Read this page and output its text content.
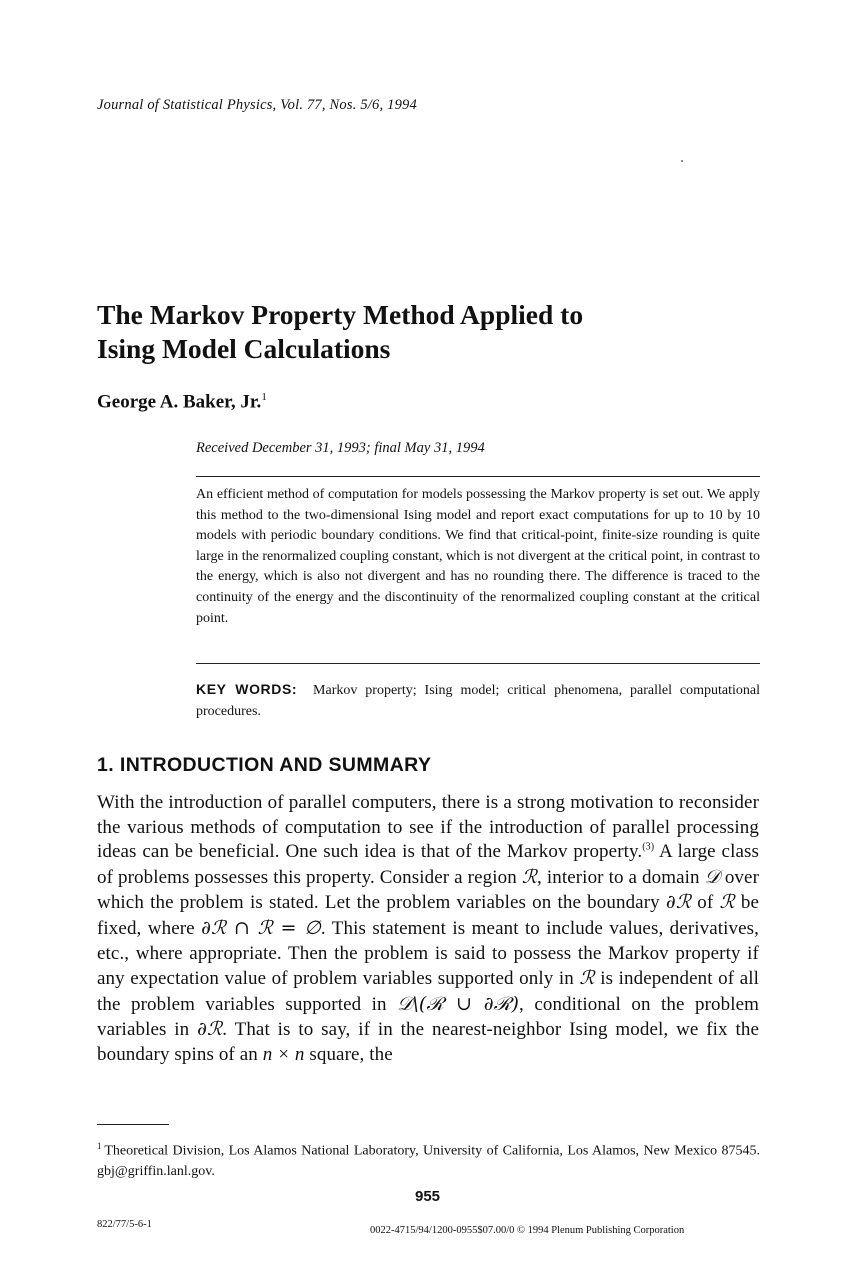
Journal of Statistical Physics, Vol. 77, Nos. 5/6, 1994
The Markov Property Method Applied to
Ising Model Calculations
George A. Baker, Jr.$^1$
Received December 31, 1993; final May 31, 1994
An efficient method of computation for models possessing the Markov property is set out. We apply this method to the two-dimensional Ising model and report exact computations for up to 10 by 10 models with periodic boundary conditions. We find that critical-point, finite-size rounding is quite large in the renormalized coupling constant, which is not divergent at the critical point, in contrast to the energy, which is also not divergent and has no rounding there. The difference is traced to the continuity of the energy and the discontinuity of the renormalized coupling constant at the critical point.
KEY WORDS: Markov property; Ising model; critical phenomena, parallel computational procedures.
1. INTRODUCTION AND SUMMARY

With the introduction of parallel computers, there is a strong motivation to reconsider the various methods of computation to see if the introduction of parallel processing ideas can be beneficial. One such idea is that of the Markov property.$^{(3)}$ A large class of problems possesses this property. Consider a region ℛ, interior to a domain 𝒟 over which the problem is stated. Let the problem variables on the boundary ∂ℛ of ℛ be fixed, where ∂ℛ ∩ ℛ = ∅. This statement is meant to include values, derivatives, etc., where appropriate. Then the problem is said to possess the Markov property if any expectation value of problem variables supported only in ℛ is independent of all the problem variables supported in 𝒟\(ℛ ∪ ∂ℛ), conditional on the problem variables in ∂ℛ. That is to say, if in the nearest-neighbor Ising model, we fix the boundary spins of an n × n square, the

$^1$  Theoretical Division, Los Alamos National Laboratory, University of California, Los Alamos, New Mexico 87545. gbj@griffin.lanl.gov.
955
822/77/5-6-1
0022-4715/94/1200-0955$07.00/0 © 1994 Plenum Publishing Corporation
